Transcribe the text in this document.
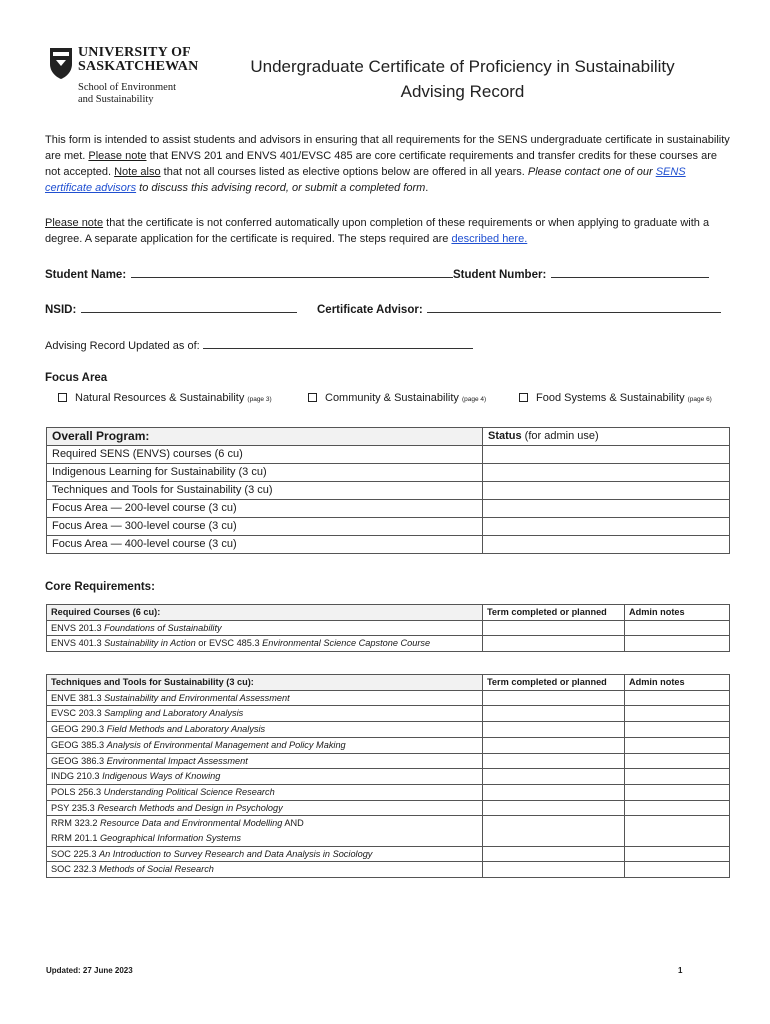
UNIVERSITY OF
SASKATCHEWAN
School of Environment
and Sustainability
Undergraduate Certificate of Proficiency in Sustainability
Advising Record
This form is intended to assist students and advisors in ensuring that all requirements for the SENS undergraduate certificate in sustainability are met. Please note that ENVS 201 and ENVS 401/EVSC 485 are core certificate requirements and transfer credits for these courses are not accepted. Note also that not all courses listed as elective options below are offered in all years. Please contact one of our SENS certificate advisors to discuss this advising record, or submit a completed form.
Please note that the certificate is not conferred automatically upon completion of these requirements or when applying to graduate with a degree. A separate application for the certificate is required. The steps required are described here.
Student Name:	Student Number:
NSID:	Certificate Advisor:
Advising Record Updated as of:
Focus Area
Natural Resources & Sustainability (page 3)	Community & Sustainability (page 4)	Food Systems & Sustainability (page 6)
Overall Program:	Status (for admin use)
Required SENS (ENVS) courses (6 cu)	
Indigenous Learning for Sustainability (3 cu)	
Techniques and Tools for Sustainability (3 cu)	
Focus Area — 200-level course (3 cu)	
Focus Area — 300-level course (3 cu)	
Focus Area — 400-level course (3 cu)	
Core Requirements:
Required Courses (6 cu):	Term completed or planned	Admin notes
ENVS 201.3 Foundations of Sustainability		
ENVS 401.3 Sustainability in Action or EVSC 485.3 Environmental Science Capstone Course		
Techniques and Tools for Sustainability (3 cu):	Term completed or planned	Admin notes
ENVE 381.3 Sustainability and Environmental Assessment		
EVSC 203.3 Sampling and Laboratory Analysis		
GEOG 290.3 Field Methods and Laboratory Analysis		
GEOG 385.3 Analysis of Environmental Management and Policy Making		
GEOG 386.3 Environmental Impact Assessment		
INDG 210.3 Indigenous Ways of Knowing		
POLS 256.3 Understanding Political Science Research		
PSY 235.3 Research Methods and Design in Psychology		
RRM 323.2 Resource Data and Environmental Modelling AND
RRM 201.1 Geographical Information Systems		
SOC 225.3 An Introduction to Survey Research and Data Analysis in Sociology		
SOC 232.3 Methods of Social Research		
Updated: 27 June 2023	1
